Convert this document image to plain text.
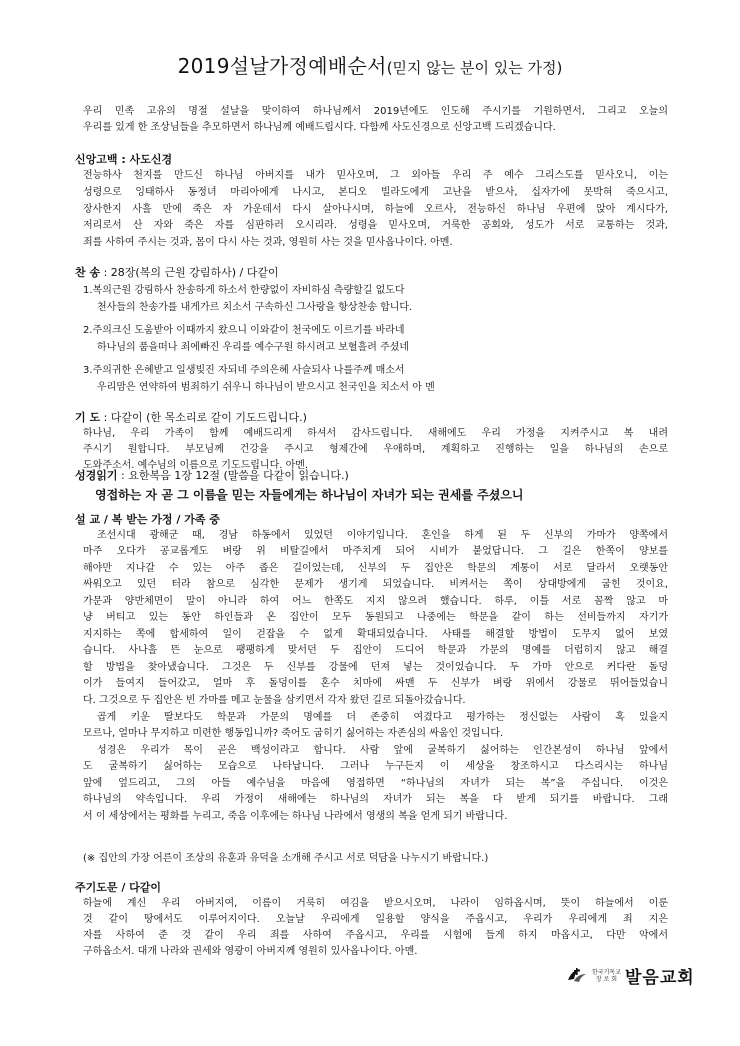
2019설날가정예배순서(믿지 않는 분이 있는 가정)
우리 민족 고유의 명절 설날을 맞이하여 하나님께서 2019년에도 인도해 주시기를 기원하면서, 그리고 오늘의
우리를 있게 한 조상님들을 추모하면서 하나님께 예배드립시다. 다함께 사도신경으로 신앙고백 드리겠습니다.
신앙고백 : 사도신경
전능하사 천지를 만드신 하나님 아버지를 내가 믿사오며, 그 외아들 우리 주 예수 그리스도를 믿사오니, 이는
성령으로 잉태하사 동정녀 마리아에게 나시고, 본디오 빌라도에게 고난을 받으사, 십자가에 못박혀 죽으시고,
장사한지 사흘 만에 죽은 자 가운데서 다시 살아나시며, 하늘에 오르사, 전능하신 하나님 우편에 앉아 계시다가,
저리로서 산 자와 죽은 자를 심판하러 오시리라. 성령을 믿사오며, 거룩한 공회와, 성도가 서로 교통하는 것과,
죄를 사하여 주시는 것과, 몸이 다시 사는 것과, 영원히 사는 것을 믿사옵나이다. 아멘.
찬 송 : 28장(복의 근원 강림하사) / 다같이
1.복의근원 강림하사 찬송하게 하소서 한량없이 자비하심 측량할길 없도다
천사들의 찬송가를 내게가르 치소서 구속하신 그사랑을 항상찬송 합니다.
2.주의크신 도움받아 이때까지 왔으니 이와같이 천국에도 이르기를 바라네
하나님의 품을떠나 죄에빠진 우리를 예수구원 하시려고 보혈흘려 주셨네
3.주의귀한 은혜받고 일생빚진 자되네 주의은혜 사슬되사 나를주께 매소서
우리맘은 연약하여 범죄하기 쉬우니 하나님이 받으시고 천국인을 치소서 아 멘
기 도 : 다같이 (한 목소리로 같이 기도드립니다.)
하나님, 우리 가족이 함께 예배드리게 하셔서 감사드립니다. 새해에도 우리 가정을 지켜주시고 복 내려
주시기 원합니다. 부모님께 건강을 주시고 형제간에 우애하며, 계획하고 진행하는 일을 하나님의 손으로
도와주소서. 예수님의 이름으로 기도드립니다. 아멘.
성경읽기 : 요한복음 1장 12절 (말씀을 다같이 읽습니다.)
영접하는 자 곧 그 이름을 믿는 자들에게는 하나님이 자녀가 되는 권세를 주셨으니
설 교 / 복 받는 가정 / 가족 중
조선시대 광해군 때, 경남 하동에서 있었던 이야기입니다. 혼인을 하게 된 두 신부의 가마가 양쪽에서
마주 오다가 공교롭게도 벼랑 위 비탈길에서 마주치게 되어 시비가 붙었답니다. 그 길은 한쪽이 양보를
해야만 지나갈 수 있는 아주 좁은 길이었는데, 신부의 두 집안은 학문의 계통이 서로 달라서 오랫동안
싸워오고 있던 터라 참으로 심각한 문제가 생기게 되었습니다. 비켜서는 쪽이 상대방에게 굽힌 것이요,
가문과 양반체면이 말이 아니라 하여 어느 한쪽도 지지 않으려 했습니다. 하루, 이틀 서로 꼼짝 않고 마
냥 버티고 있는 동안 하인들과 온 집안이 모두 동원되고 나중에는 학문을 같이 하는 선비들까지 자기가
지지하는 쪽에 합세하여 일이 걷잡을 수 없게 확대되었습니다. 사태를 해결할 방법이 도무지 없어 보였
습니다. 사나흘 뜬 눈으로 팽팽하게 맞서던 두 집안이 드디어 학문과 가문의 명예를 더럽히지 않고 해결
할 방법을 찾아냈습니다. 그것은 두 신부를 강물에 던져 넣는 것이었습니다. 두 가마 안으로 커다란 돌덩
이가 들여지 들어갔고, 얼마 후 돌덩이를 혼수 치마에 싸맨 두 신부가 벼랑 위에서 강물로 뛰어들었습니
다. 그것으로 두 집안은 빈 가마를 메고 눈물을 삼키면서 각자 왔던 길로 되돌아갔습니다.
곱게 키운 딸보다도 학문과 가문의 명예를 더 존중히 여겼다고 평가하는 정신없는 사람이 혹 있을지
모르나, 얼마나 무지하고 미련한 행동입니까? 죽어도 굽히기 싫어하는 자존심의 싸움인 것입니다.
성경은 우리가 목이 곧은 백성이라고 합니다. 사람 앞에 굴복하기 싫어하는 인간본성이 하나님 앞에서
도 굴복하기 싫어하는 모습으로 나타납니다. 그러나 누구든지 이 세상을 창조하시고 다스리시는 하나님
앞에 엎드리고, 그의 아들 예수님을 마음에 영접하면 “하나님의 자녀가 되는 복”을 주십니다. 이것은
하나님의 약속입니다. 우리 가정이 새해에는 하나님의 자녀가 되는 복을 다 받게 되기를 바랍니다. 그래
서 이 세상에서는 평화를 누리고, 죽음 이후에는 하나님 나라에서 영생의 복을 얻게 되기 바랍니다.
(※ 집안의 가장 어른이 조상의 유훈과 유덕을 소개해 주시고 서로 덕담을 나누시기 바랍니다.)
주기도문 / 다같이
하늘에 계신 우리 아버지여, 이름이 거룩히 여김을 받으시오며, 나라이 임하옵시며, 뜻이 하늘에서 이룬
것 같이 땅에서도 이루어지이다. 오늘날 우리에게 일용할 양식을 주옵시고, 우리가 우리에게 죄 지은
자를 사하여 준 것 같이 우리 죄를 사하여 주옵시고, 우리를 시험에 들게 하지 마옵시고, 다만 악에서
구하옵소서. 대개 나라와 권세와 영광이 아버지께 영원히 있사옵나이다. 아멘.
한국기독교
장 로 회 발음교회
